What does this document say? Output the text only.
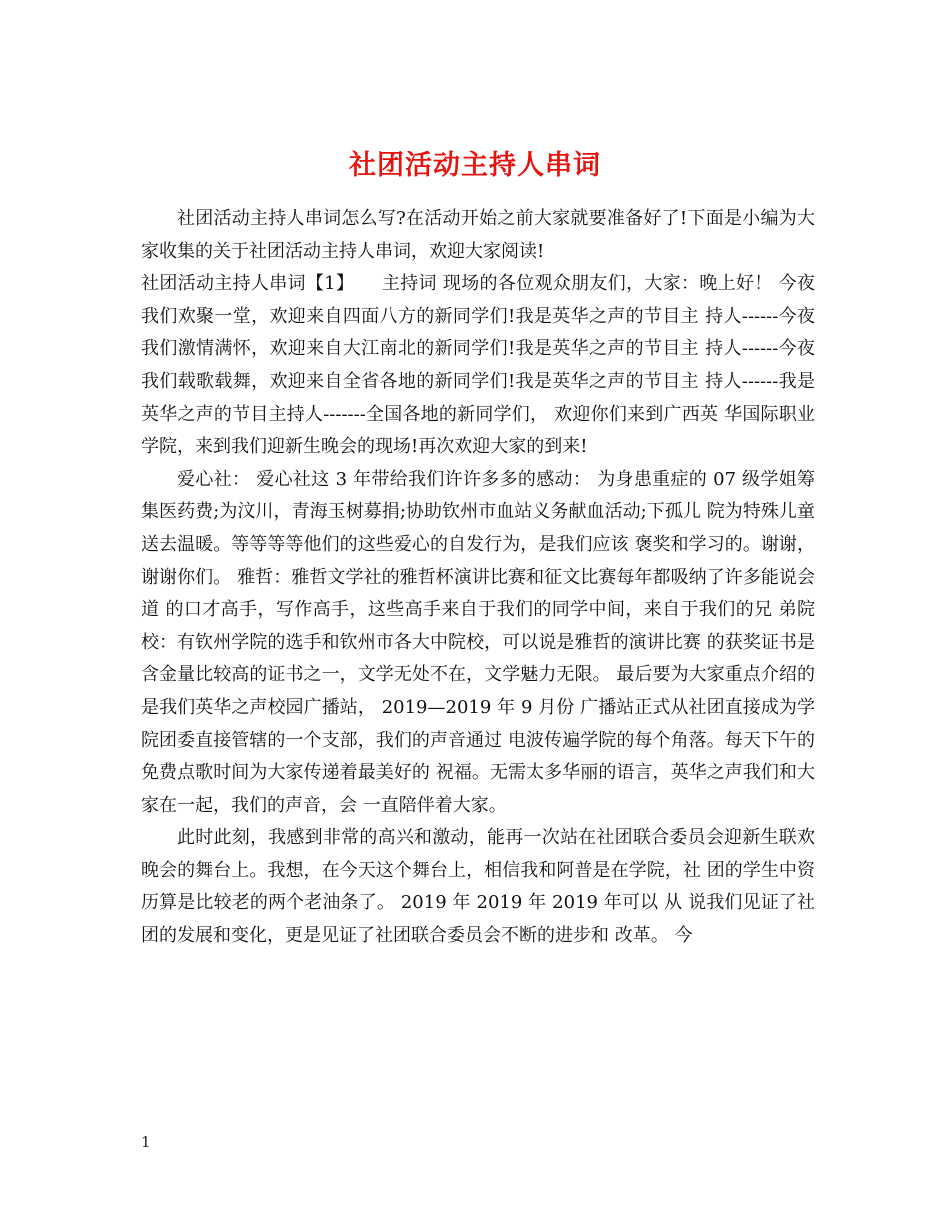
社团活动主持人串词

社团活动主持人串词怎么写?在活动开始之前大家就要准备好了!下面是小编为大家收集的关于社团活动主持人串词，欢迎大家阅读!

社团活动主持人串词【1】　　主持词 现场的各位观众朋友们，大家：晚上好！ 今夜我们欢聚一堂，欢迎来自四面八方的新同学们!我是英华之声的节目主 持人------今夜我们激情满怀，欢迎来自大江南北的新同学们!我是英华之声的节目主 持人------今夜我们载歌载舞，欢迎来自全省各地的新同学们!我是英华之声的节目主 持人------我是英华之声的节目主持人-------全国各地的新同学们， 欢迎你们来到广西英 华国际职业学院，来到我们迎新生晚会的现场!再次欢迎大家的到来!

爱心社： 爱心社这 3 年带给我们许许多多的感动： 为身患重症的 07 级学姐筹 集医药费;为汶川，青海玉树募捐;协助钦州市血站义务献血活动;下孤儿 院为特殊儿童送去温暖。等等等等他们的这些爱心的自发行为，是我们应该 褒奖和学习的。谢谢，谢谢你们。 雅哲：雅哲文学社的雅哲杯演讲比赛和征文比赛每年都吸纳了许多能说会道 的口才高手，写作高手，这些高手来自于我们的同学中间，来自于我们的兄 弟院校：有钦州学院的选手和钦州市各大中院校，可以说是雅哲的演讲比赛 的获奖证书是含金量比较高的证书之一，文学无处不在，文学魅力无限。 最后要为大家重点介绍的是我们英华之声校园广播站， 2019—2019 年 9 月份 广播站正式从社团直接成为学院团委直接管辖的一个支部，我们的声音通过 电波传遍学院的每个角落。每天下午的免费点歌时间为大家传递着最美好的 祝福。无需太多华丽的语言，英华之声我们和大家在一起，我们的声音，会 一直陪伴着大家。

此时此刻，我感到非常的高兴和激动，能再一次站在社团联合委员会迎新生联欢晚会的舞台上。我想，在今天这个舞台上，相信我和阿普是在学院，社 团的学生中资历算是比较老的两个老油条了。 2019 年 2019 年 2019 年可以 从 说我们见证了社团的发展和变化，更是见证了社团联合委员会不断的进步和 改革。 今

1
